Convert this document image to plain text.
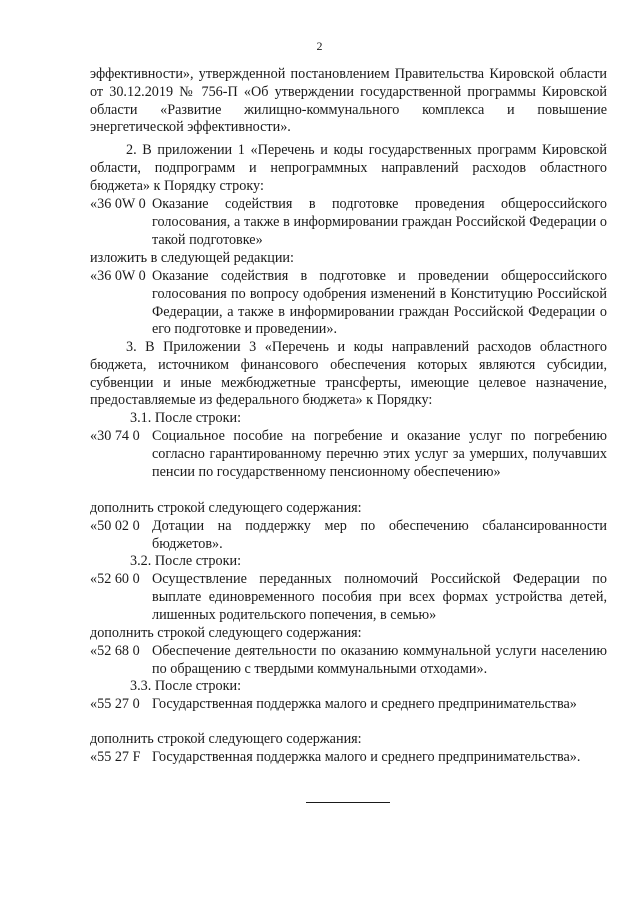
2
эффективности», утвержденной постановлением Правительства Кировской области от 30.12.2019 № 756-П «Об утверждении государственной программы Кировской области «Развитие жилищно-коммунального комплекса и повышение энергетической эффективности».
2. В приложении 1 «Перечень и коды государственных программ Кировской области, подпрограмм и непрограммных направлений расходов областного бюджета» к Порядку строку:
«36 0W 0 Оказание содействия в подготовке проведения общероссийского голосования, а также в информировании граждан Российской Федерации о такой подготовке»
изложить в следующей редакции:
«36 0W 0 Оказание содействия в подготовке и проведении общероссийского голосования по вопросу одобрения изменений в Конституцию Российской Федерации, а также в информировании граждан Российской Федерации о его подготовке и проведении».
3. В Приложении 3 «Перечень и коды направлений расходов областного бюджета, источником финансового обеспечения которых являются субсидии, субвенции и иные межбюджетные трансферты, имеющие целевое назначение, предоставляемые из федерального бюджета» к Порядку:
3.1. После строки:
«30 74 0 Социальное пособие на погребение и оказание услуг по погребению согласно гарантированному перечню этих услуг за умерших, получавших пенсии по государственному пенсионному обеспечению»
дополнить строкой следующего содержания:
«50 02 0 Дотации на поддержку мер по обеспечению сбалансированности бюджетов».
3.2. После строки:
«52 60 0 Осуществление переданных полномочий Российской Федерации по выплате единовременного пособия при всех формах устройства детей, лишенных родительского попечения, в семью»
дополнить строкой следующего содержания:
«52 68 0 Обеспечение деятельности по оказанию коммунальной услуги населению по обращению с твердыми коммунальными отходами».
3.3. После строки:
«55 27 0 Государственная поддержка малого и среднего предпринимательства»
дополнить строкой следующего содержания:
«55 27 F Государственная поддержка малого и среднего предпринимательства».
